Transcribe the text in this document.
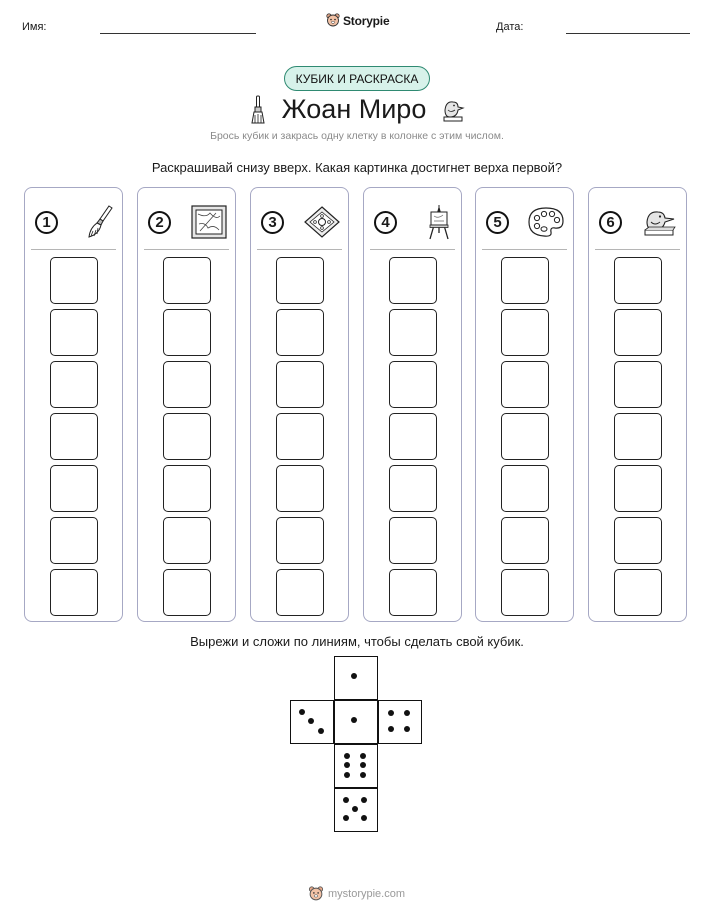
Имя:	Storypie	Дата:
КУБИК И РАСКРАСКА
Жоан Миро
Брось кубик и закрась одну клетку в колонке с этим числом.
Раскрашивай снизу вверх. Какая картинка достигнет верха первой?
1	2	3	4	5	6
Вырежи и сложи по линиям, чтобы сделать свой кубик.
mystorypie.com
